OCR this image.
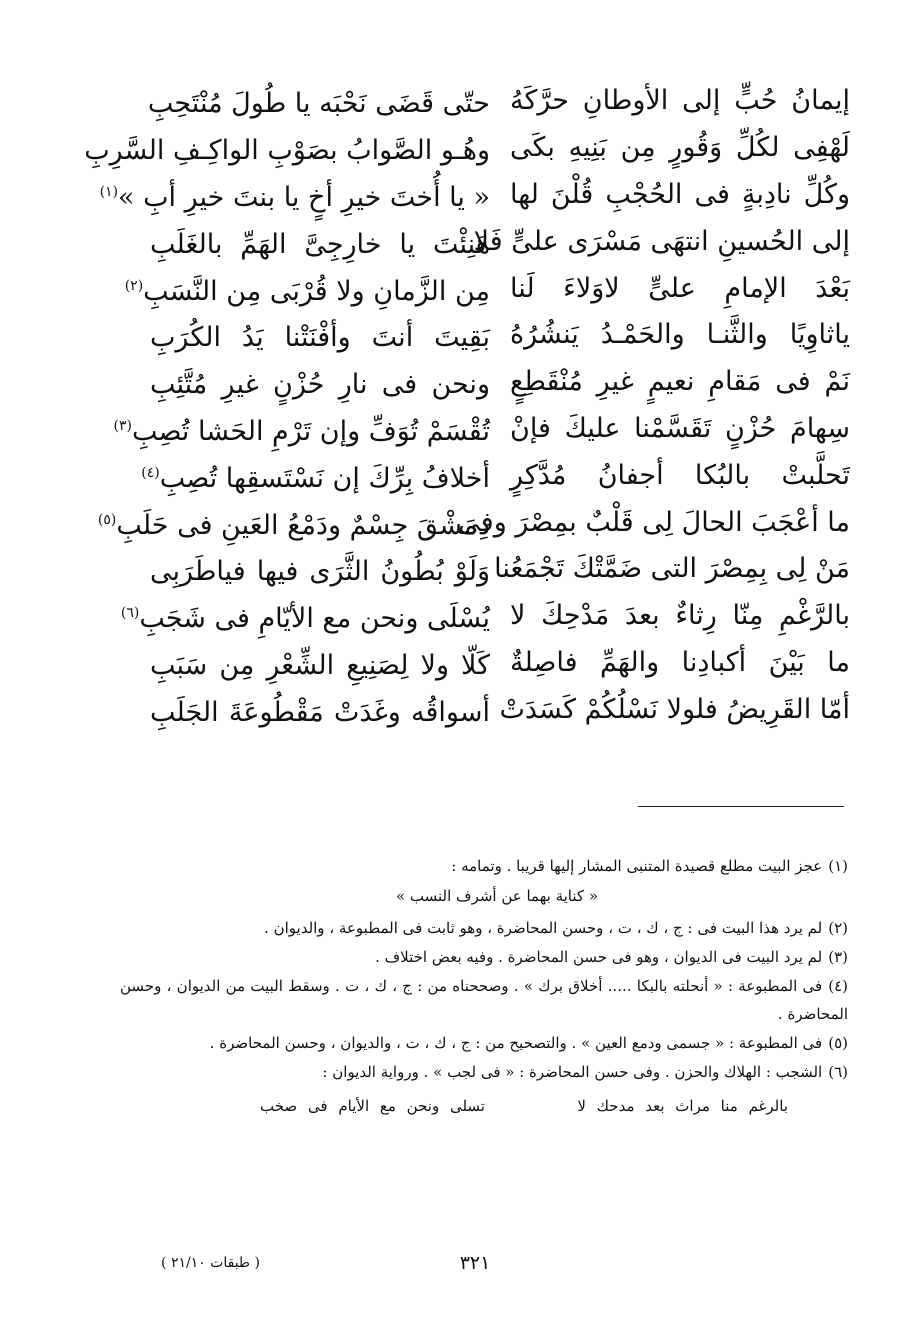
إيمانُ حُبٍّ إلى الأوطانِ حرَّكَهُ
حتّى قَضَى نَحْبَه يا طُولَ مُنْتَحِبِ
لَهْفِى لكُلِّ وَقُورٍ مِن بَنِيهِ بكَى
وهُـو الصَّوابُ بصَوْبِ الواكِـفِ السَّرِبِ
وكُلِّ نادِبةٍ فى الحُجْبِ قُلْنَ لها
« يا أُختَ خيرِ أخٍ يا بنتَ خيرِ أبِ »$^{(١)}$
إلى الحُسينِ انتهَى مَسْرَى علىٍّ فَلا
هَنِئْتَ يا خارِجِىَّ الهَمِّ بالغَلَبِ
بَعْدَ الإمامِ علىٍّ لاوَلاءَ لَنا
مِن الزَّمانِ ولا قُرْبَى مِن النَّسَبِ$^{(٢)}$
ياثاوِيًا والثَّنـا والحَمْـدُ يَنشُرُهُ
بَقِيتَ أنتَ وأفْنَتْنا يَدُ الكُرَبِ
نَمْ فى مَقامِ نعيمٍ غيرِ مُنْقَطِعٍ
ونحن فى نارِ حُزْنٍ غيرِ مُتَّئِبِ
سِهامَ حُزْنٍ تَقَسَّمْنا عليكَ فإنْ
تُقْسَمْ تُوَفِّ وإن تَرْمِ الحَشا تُصِبِ$^{(٣)}$
تَحلَّبتْ بالبُكا أجفانُ مُدَّكِرٍ
أخلافُ بِرِّكَ إن نَسْتَسقِها تُصِبِ$^{(٤)}$
ما أعْجَبَ الحالَ لِى قَلْبٌ بمِصْرَ وفى
دِمَشْقَ جِسْمٌ ودَمْعُ العَينِ فى حَلَبِ$^{(٥)}$
مَنْ لِى بِمِصْرَ التى ضَمَّتْكَ تَجْمَعُنا
وَلَوْ بُطُونُ الثَّرَى فيها فياطَرَبِى
بالرَّغْمِ مِنّا رِثاءٌ بعدَ مَدْحِكَ لا
يُسْلَى ونحن مع الأيّامِ فى شَجَبِ$^{(٦)}$
ما بَيْنَ أكبادِنا والهَمِّ فاصِلةٌ
كَلّا ولا لِصَنِيعِ الشِّعْرِ مِن سَبَبِ
أمّا القَرِيضُ فلولا نَسْلُكُمْ كَسَدَتْ
أسواقُه وغَدَتْ مَقْطُوعَةَ الجَلَبِ

(١)عجز البيت مطلع قصيدة المتنبى المشار إليها قريبا . وتمامه :

« كناية بهما عن أشرف النسب »

(٢)لم يرد هذا البيت فى : ج ، ك ، ت ، وحسن المحاضرة ، وهو ثابت فى المطبوعة ، والديوان .

(٣)لم يرد البيت فى الديوان ، وهو فى حسن المحاضرة . وفيه بعض اختلاف .

(٤)فى المطبوعة : « أنحلته بالبكا ..... أخلاق برك » . وصححناه من : ج ، ك ، ت . وسقط البيت من الديوان ، وحسن المحاضرة .

(٥)فى المطبوعة : « جسمى ودمع العين » . والتصحيح من : ج ، ك ، ت ، والديوان ، وحسن المحاضرة .

(٦)الشجب : الهلاك والحزن . وفى حسن المحاضرة : « فى لجب » . ورواية الديوان :

بالرغم منا مراث بعد مدحك لا
تسلى ونحن مع الأيام فى صخب
٣٢١
( طبقات ٢١/١٠ )
